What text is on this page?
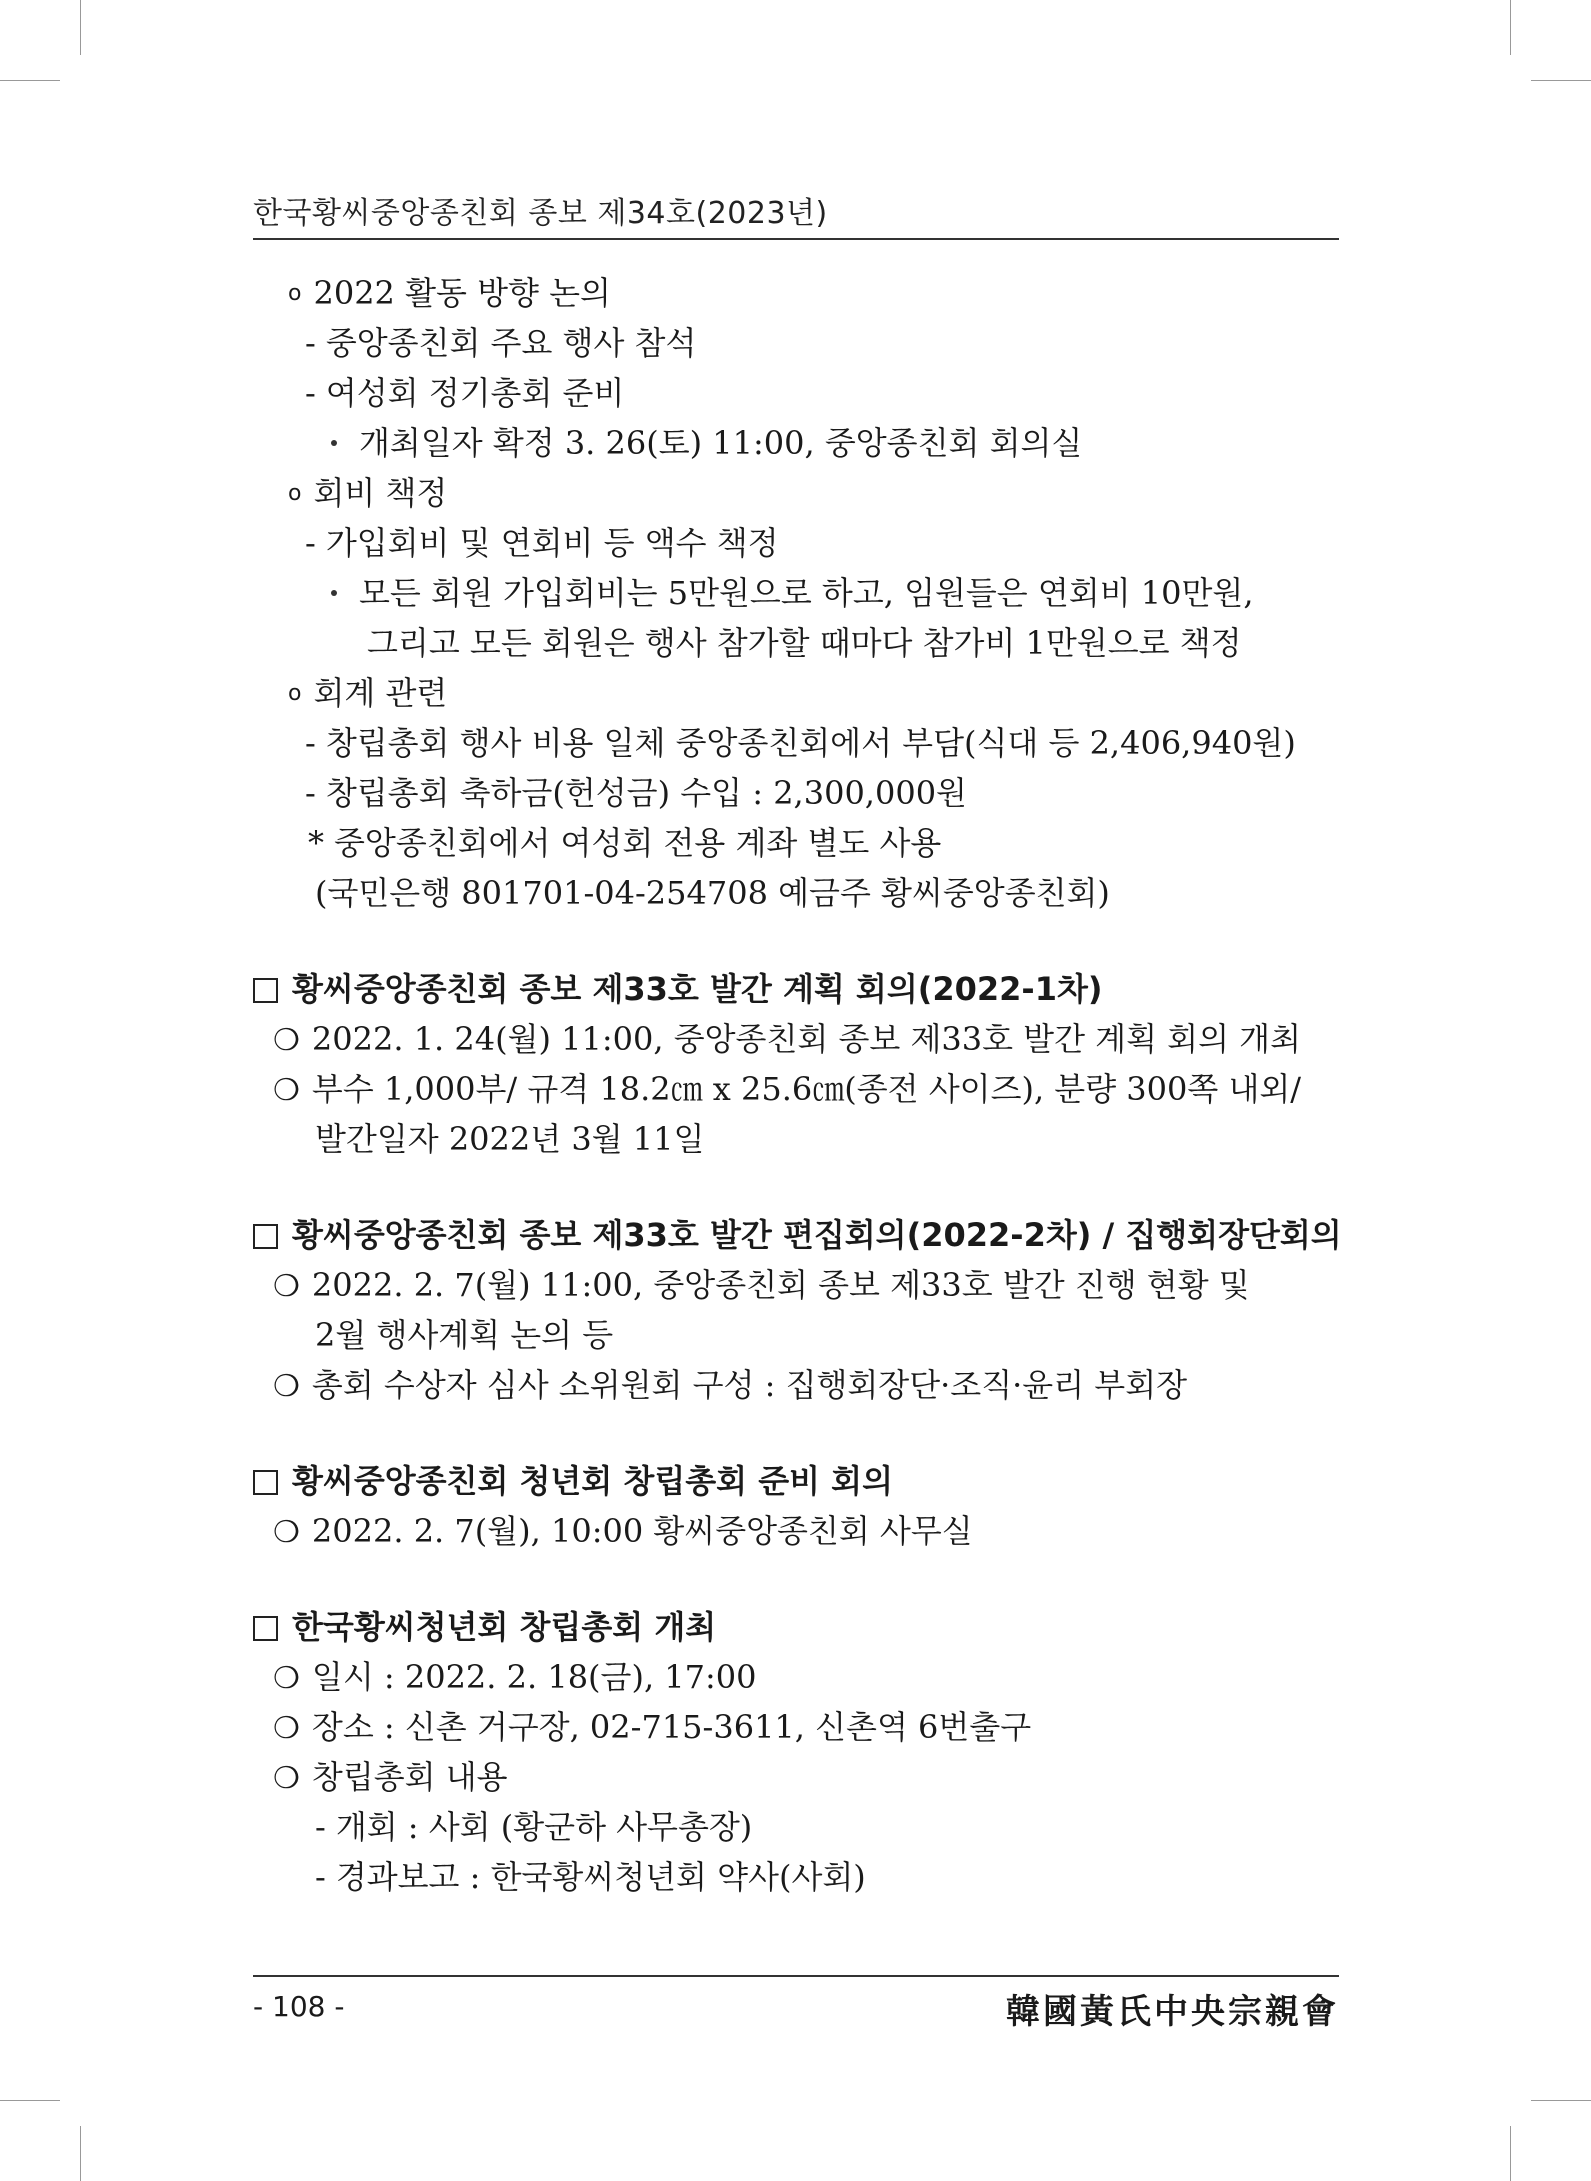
한국황씨중앙종친회 종보 제34호(2023년)
o 2022 활동 방향 논의
- 중앙종친회 주요 행사 참석
- 여성회 정기총회 준비
개최일자 확정 3. 26(토) 11:00, 중앙종친회 회의실
o 회비 책정
- 가입회비 및 연회비 등 액수 책정
모든 회원 가입회비는 5만원으로 하고, 임원들은 연회비 10만원,
그리고 모든 회원은 행사 참가할 때마다 참가비 1만원으로 책정
o 회계 관련
- 창립총회 행사 비용 일체 중앙종친회에서 부담(식대 등 2,406,940원)
- 창립총회 축하금(헌성금) 수입 : 2,300,000원
* 중앙종친회에서 여성회 전용 계좌 별도 사용
(국민은행 801701-04-254708 예금주 황씨중앙종친회)
황씨중앙종친회 종보 제33호 발간 계획 회의(2022-1차)
❍ 2022. 1. 24(월) 11:00, 중앙종친회 종보 제33호 발간 계획 회의 개최
❍ 부수 1,000부/ 규격 18.2㎝ x 25.6㎝(종전 사이즈), 분량 300쪽 내외/
발간일자 2022년 3월 11일
황씨중앙종친회 종보 제33호 발간 편집회의(2022-2차) / 집행회장단회의
❍ 2022. 2. 7(월) 11:00, 중앙종친회 종보 제33호 발간 진행 현황 및
2월 행사계획 논의 등
❍ 총회 수상자 심사 소위원회 구성 : 집행회장단·조직·윤리 부회장
황씨중앙종친회 청년회 창립총회 준비 회의
❍ 2022. 2. 7(월), 10:00 황씨중앙종친회 사무실
한국황씨청년회 창립총회 개최
❍ 일시 : 2022. 2. 18(금), 17:00
❍ 장소 : 신촌 거구장, 02-715-3611, 신촌역 6번출구
❍ 창립총회 내용
- 개회 : 사회 (황군하 사무총장)
- 경과보고 : 한국황씨청년회 약사(사회)
- 108 -	韓國黃氏中央宗親會
